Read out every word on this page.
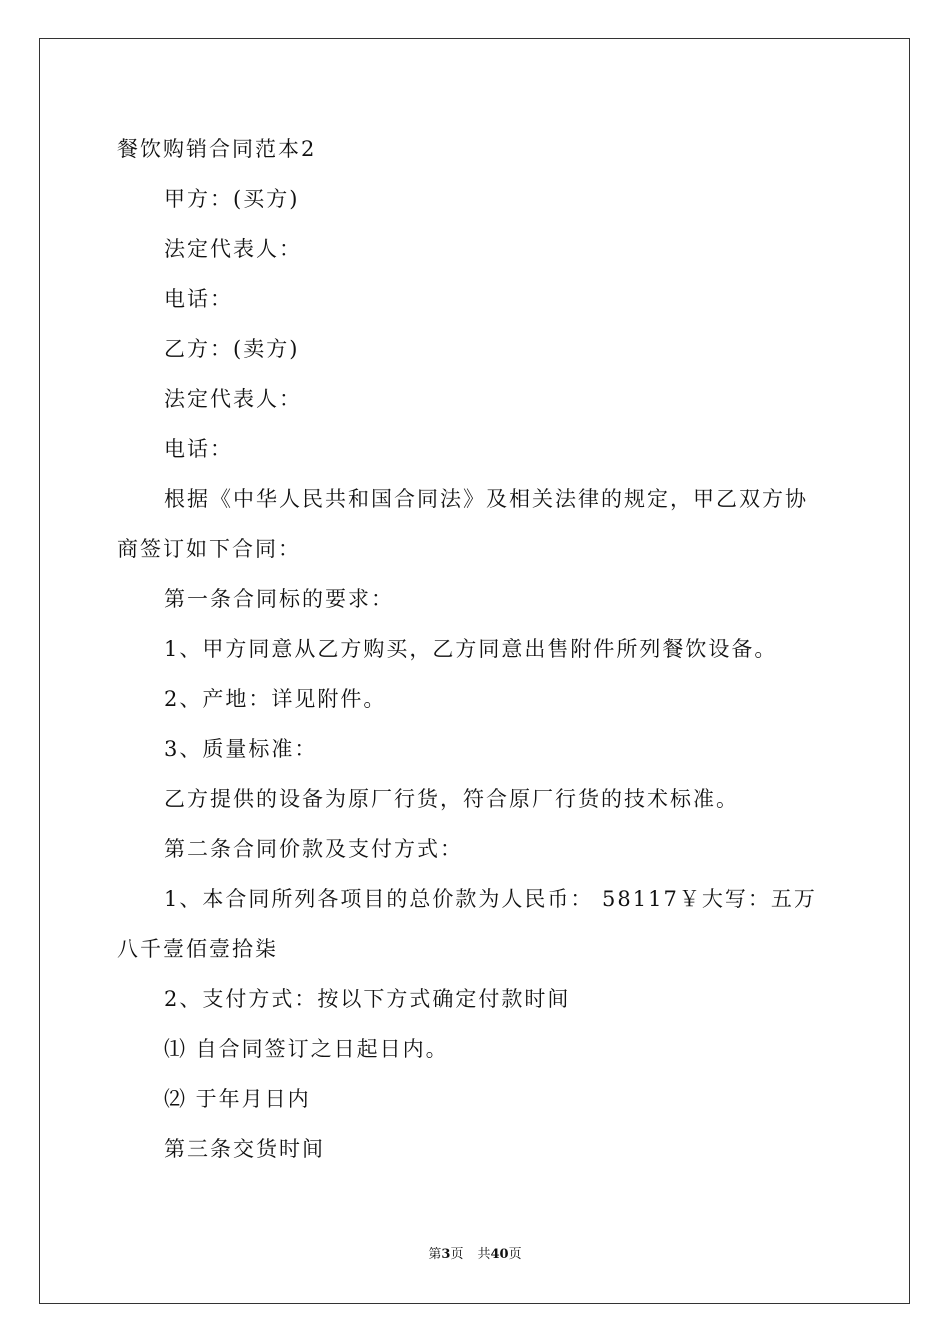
餐饮购销合同范本2
甲方：(买方)
法定代表人：
电话：
乙方：(卖方)
法定代表人：
电话：
根据《中华人民共和国合同法》及相关法律的规定，甲乙双方协
商签订如下合同：
第一条合同标的要求：
1、甲方同意从乙方购买，乙方同意出售附件所列餐饮设备。
2、产地：详见附件。
3、质量标准：
乙方提供的设备为原厂行货，符合原厂行货的技术标准。
第二条合同价款及支付方式：
1、本合同所列各项目的总价款为人民币： 58117￥大写：五万
八千壹佰壹拾柒
2、支付方式：按以下方式确定付款时间
⑴ 自合同签订之日起日内。
⑵ 于年月日内
第三条交货时间
第3页 共40页
